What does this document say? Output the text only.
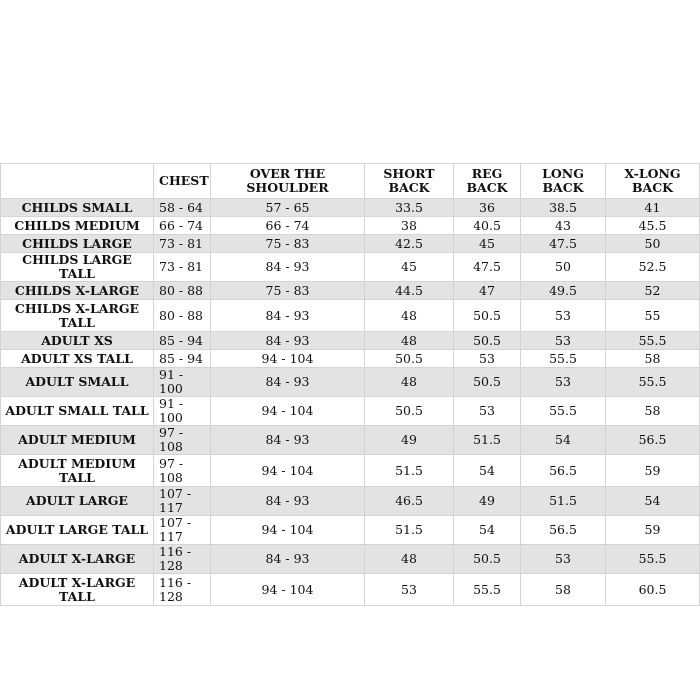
	CHEST	OVER THE SHOULDER	SHORT BACK	REG BACK	LONG BACK	X-LONG BACK
CHILDS SMALL	58 - 64	57 - 65	33.5	36	38.5	41
CHILDS MEDIUM	66 - 74	66 - 74	38	40.5	43	45.5
CHILDS LARGE	73 - 81	75 - 83	42.5	45	47.5	50
CHILDS LARGE TALL	73 - 81	84 - 93	45	47.5	50	52.5
CHILDS X-LARGE	80 - 88	75 - 83	44.5	47	49.5	52
CHILDS X-LARGE TALL	80 - 88	84 - 93	48	50.5	53	55
ADULT XS	85 - 94	84 - 93	48	50.5	53	55.5
ADULT XS TALL	85 - 94	94 - 104	50.5	53	55.5	58
ADULT SMALL	91 - 100	84 - 93	48	50.5	53	55.5
ADULT SMALL TALL	91 - 100	94 - 104	50.5	53	55.5	58
ADULT MEDIUM	97 - 108	84 - 93	49	51.5	54	56.5
ADULT MEDIUM TALL	97 - 108	94 - 104	51.5	54	56.5	59
ADULT LARGE	107 - 117	84 - 93	46.5	49	51.5	54
ADULT LARGE TALL	107 - 117	94 - 104	51.5	54	56.5	59
ADULT X-LARGE	116 - 128	84 - 93	48	50.5	53	55.5
ADULT X-LARGE TALL	116 - 128	94 - 104	53	55.5	58	60.5
